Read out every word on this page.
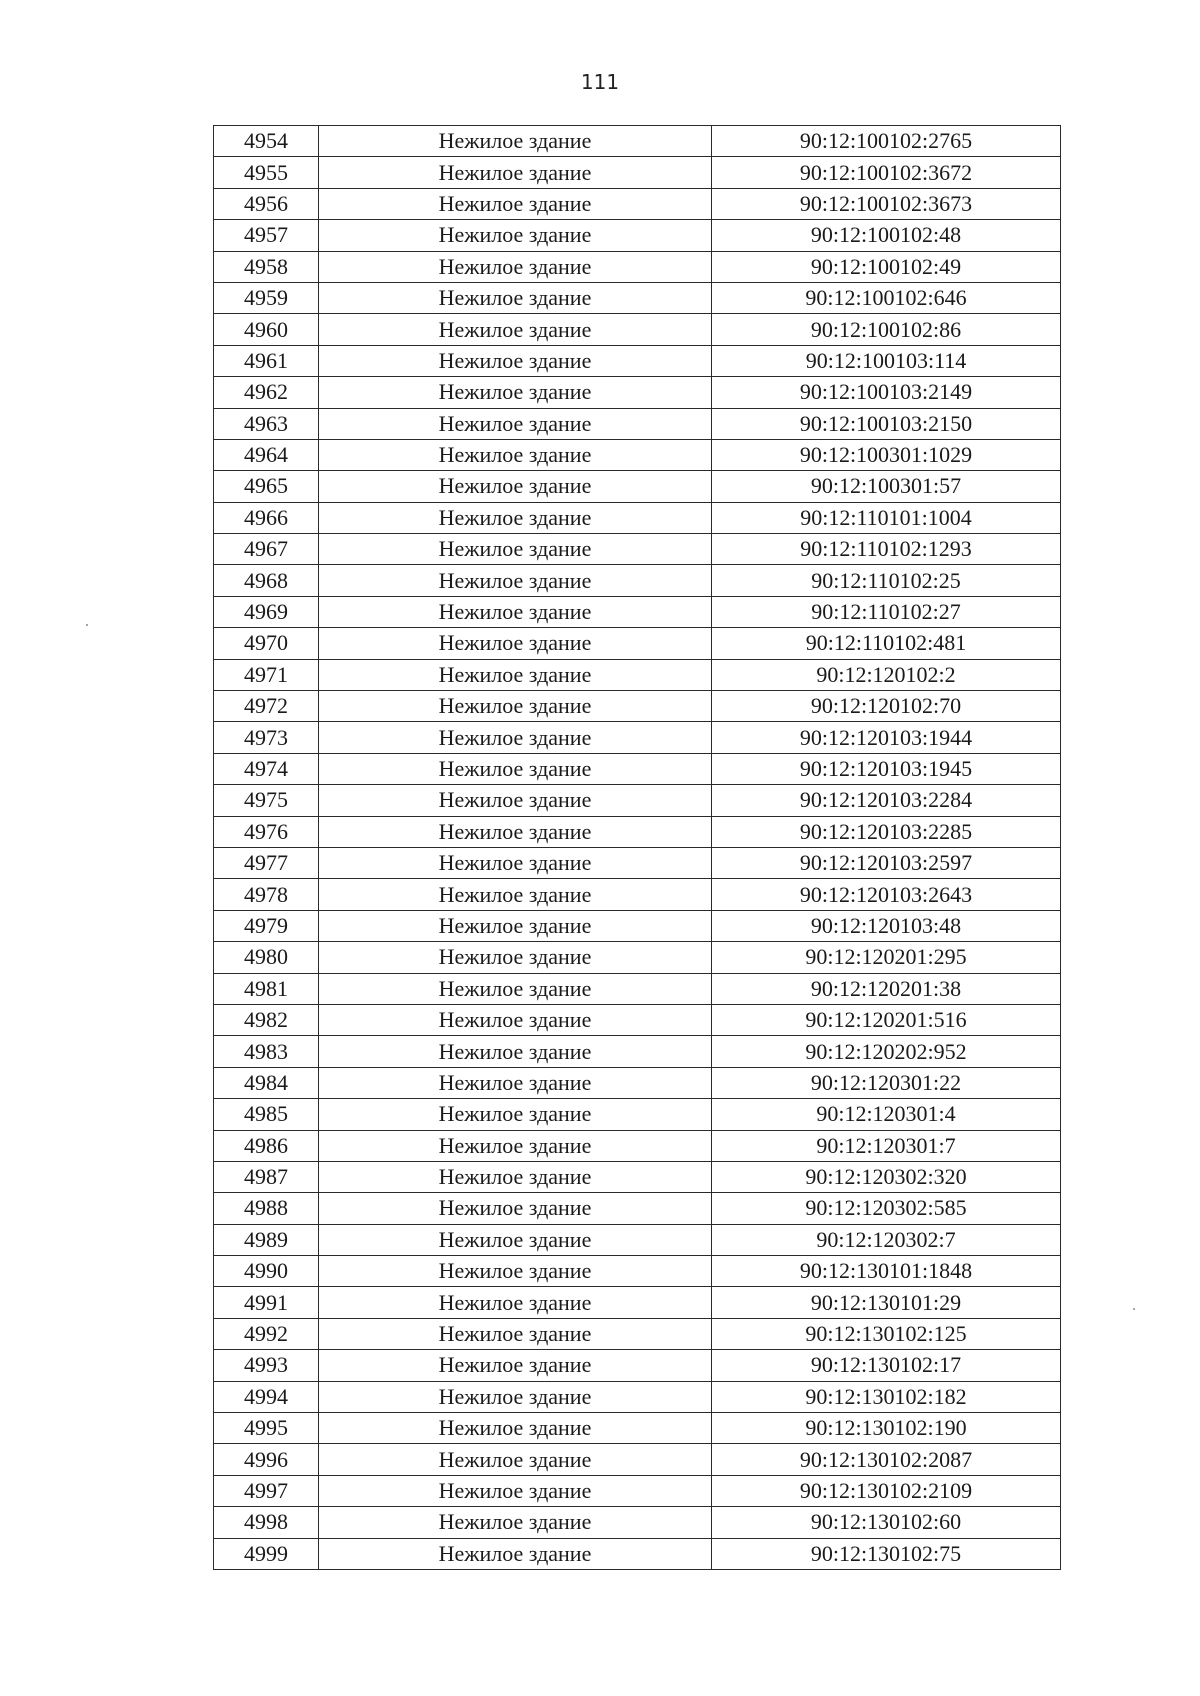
111
4954	Нежилое здание	90:12:100102:2765
4955	Нежилое здание	90:12:100102:3672
4956	Нежилое здание	90:12:100102:3673
4957	Нежилое здание	90:12:100102:48
4958	Нежилое здание	90:12:100102:49
4959	Нежилое здание	90:12:100102:646
4960	Нежилое здание	90:12:100102:86
4961	Нежилое здание	90:12:100103:114
4962	Нежилое здание	90:12:100103:2149
4963	Нежилое здание	90:12:100103:2150
4964	Нежилое здание	90:12:100301:1029
4965	Нежилое здание	90:12:100301:57
4966	Нежилое здание	90:12:110101:1004
4967	Нежилое здание	90:12:110102:1293
4968	Нежилое здание	90:12:110102:25
4969	Нежилое здание	90:12:110102:27
4970	Нежилое здание	90:12:110102:481
4971	Нежилое здание	90:12:120102:2
4972	Нежилое здание	90:12:120102:70
4973	Нежилое здание	90:12:120103:1944
4974	Нежилое здание	90:12:120103:1945
4975	Нежилое здание	90:12:120103:2284
4976	Нежилое здание	90:12:120103:2285
4977	Нежилое здание	90:12:120103:2597
4978	Нежилое здание	90:12:120103:2643
4979	Нежилое здание	90:12:120103:48
4980	Нежилое здание	90:12:120201:295
4981	Нежилое здание	90:12:120201:38
4982	Нежилое здание	90:12:120201:516
4983	Нежилое здание	90:12:120202:952
4984	Нежилое здание	90:12:120301:22
4985	Нежилое здание	90:12:120301:4
4986	Нежилое здание	90:12:120301:7
4987	Нежилое здание	90:12:120302:320
4988	Нежилое здание	90:12:120302:585
4989	Нежилое здание	90:12:120302:7
4990	Нежилое здание	90:12:130101:1848
4991	Нежилое здание	90:12:130101:29
4992	Нежилое здание	90:12:130102:125
4993	Нежилое здание	90:12:130102:17
4994	Нежилое здание	90:12:130102:182
4995	Нежилое здание	90:12:130102:190
4996	Нежилое здание	90:12:130102:2087
4997	Нежилое здание	90:12:130102:2109
4998	Нежилое здание	90:12:130102:60
4999	Нежилое здание	90:12:130102:75
